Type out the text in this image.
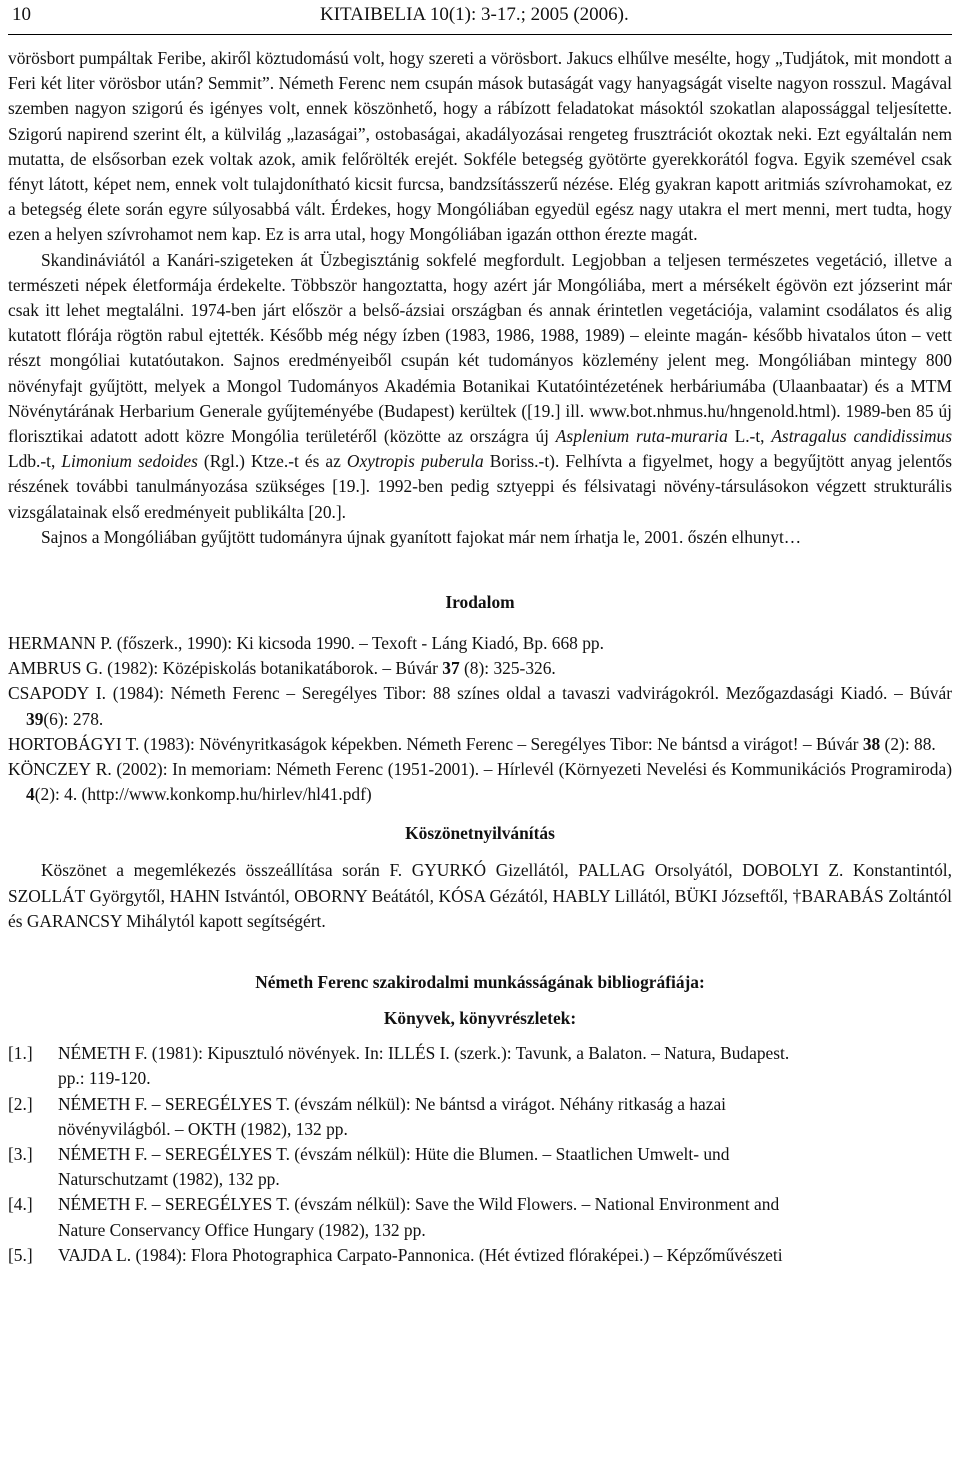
10	KITAIBELIA 10(1): 3-17.; 2005 (2006).

vörösbort pumpáltak Feribe, akiről köztudomású volt, hogy szereti a vörösbort. Jakucs elhűlve mesélte, hogy „Tudjátok, mit mondott a Feri két liter vörösbor után? Semmit”. Németh Ferenc nem csupán mások butaságát vagy hanyagságát viselte nagyon rosszul. Magával szemben nagyon szigorú és igényes volt, ennek köszönhető, hogy a rábízott feladatokat másoktól szokatlan alapossággal teljesítette. Szigorú napirend szerint élt, a külvilág „lazaságai”, ostobaságai, akadályozásai rengeteg frusztrációt okoztak neki. Ezt egyáltalán nem mutatta, de elsősorban ezek voltak azok, amik felőrölték erejét. Sokféle betegség gyötörte gyerekkorától fogva. Egyik szemével csak fényt látott, képet nem, ennek volt tulajdonítható kicsit furcsa, bandzsításszerű nézése. Elég gyakran kapott aritmiás szívrohamokat, ez a betegség élete során egyre súlyosabbá vált. Érdekes, hogy Mongóliában egyedül egész nagy utakra el mert menni, mert tudta, hogy ezen a helyen szívrohamot nem kap. Ez is arra utal, hogy Mongóliában igazán otthon érezte magát.

Skandináviától a Kanári-szigeteken át Üzbegisztánig sokfelé megfordult. Legjobban a teljesen természetes vegetáció, illetve a természeti népek életformája érdekelte. Többször hangoztatta, hogy azért jár Mongóliába, mert a mérsékelt égövön ezt józserint már csak itt lehet megtalálni. 1974-ben járt először a belső-ázsiai országban és annak érintetlen vegetációja, valamint csodálatos és alig kutatott flórája rögtön rabul ejtették. Később még négy ízben (1983, 1986, 1988, 1989) – eleinte magán- később hivatalos úton – vett részt mongóliai kutatóutakon. Sajnos eredményeiből csupán két tudományos közlemény jelent meg. Mongóliában mintegy 800 növényfajt gyűjtött, melyek a Mongol Tudományos Akadémia Botanikai Kutatóintézetének herbáriumába (Ulaanbaatar) és a MTM Növénytárának Herbarium Generale gyűjteményébe (Budapest) kerültek ([19.] ill. www.bot.nhmus.hu/hngenold.html). 1989-ben 85 új florisztikai adatott adott közre Mongólia területéről (közötte az országra új Asplenium ruta-muraria L.-t, Astragalus candidissimus Ldb.-t, Limonium sedoides (Rgl.) Ktze.-t és az Oxytropis puberula Boriss.-t). Felhívta a figyelmet, hogy a begyűjtött anyag jelentős részének további tanulmányozása szükséges [19.]. 1992-ben pedig sztyeppi és félsivatagi növény-társulásokon végzett strukturális vizsgálatainak első eredményeit publikálta [20.].

Sajnos a Mongóliában gyűjtött tudományra újnak gyanított fajokat már nem írhatja le, 2001. őszén elhunyt…

Irodalom
HERMANN P. (főszerk., 1990): Ki kicsoda 1990. – Texoft - Láng Kiadó, Bp. 668 pp.
AMBRUS G. (1982): Középiskolás botanikatáborok. – Búvár 37 (8): 325-326.
CSAPODY I. (1984): Németh Ferenc – Seregélyes Tibor: 88 színes oldal a tavaszi vadvirágokról. Mezőgazdasági Kiadó. – Búvár 39(6): 278.
HORTOBÁGYI T. (1983): Növényritkaságok képekben. Németh Ferenc – Seregélyes Tibor: Ne bántsd a virágot! – Búvár 38 (2): 88.
KÖNCZEY R. (2002): In memoriam: Németh Ferenc (1951-2001). – Hírlevél (Környezeti Nevelési és Kommunikációs Programiroda) 4(2): 4. (http://www.konkomp.hu/hirlev/hl41.pdf)
Köszönetnyilvánítás

Köszönet a megemlékezés összeállítása során F. GYURKÓ Gizellától, PALLAG Orsolyától, DOBOLYI Z. Konstantintól, SZOLLÁT Györgytől, HAHN Istvántól, OBORNY Beátától, KÓSA Gézától, HABLY Lillától, BÜKI Józseftől, †BARABÁS Zoltántól és GARANCSY Mihálytól kapott segítségért.

Németh Ferenc szakirodalmi munkásságának bibliográfiája:
Könyvek, könyvrészletek:
[1.]	NÉMETH F. (1981): Kipusztuló növények. In: ILLÉS I. (szerk.): Tavunk, a Balaton. – Natura, Budapest.
pp.: 119-120.
[2.]	NÉMETH F. – SEREGÉLYES T. (évszám nélkül): Ne bántsd a virágot. Néhány ritkaság a hazai
növényvilágból. – OKTH (1982), 132 pp.
[3.]	NÉMETH F. – SEREGÉLYES T. (évszám nélkül): Hüte die Blumen. – Staatlichen Umwelt- und
Naturschutzamt (1982), 132 pp.
[4.]	NÉMETH F. – SEREGÉLYES T. (évszám nélkül): Save the Wild Flowers. – National Environment and
Nature Conservancy Office Hungary (1982), 132 pp.
[5.]	VAJDA L. (1984): Flora Photographica Carpato-Pannonica. (Hét évtized flóraképei.) – Képzőművészeti
